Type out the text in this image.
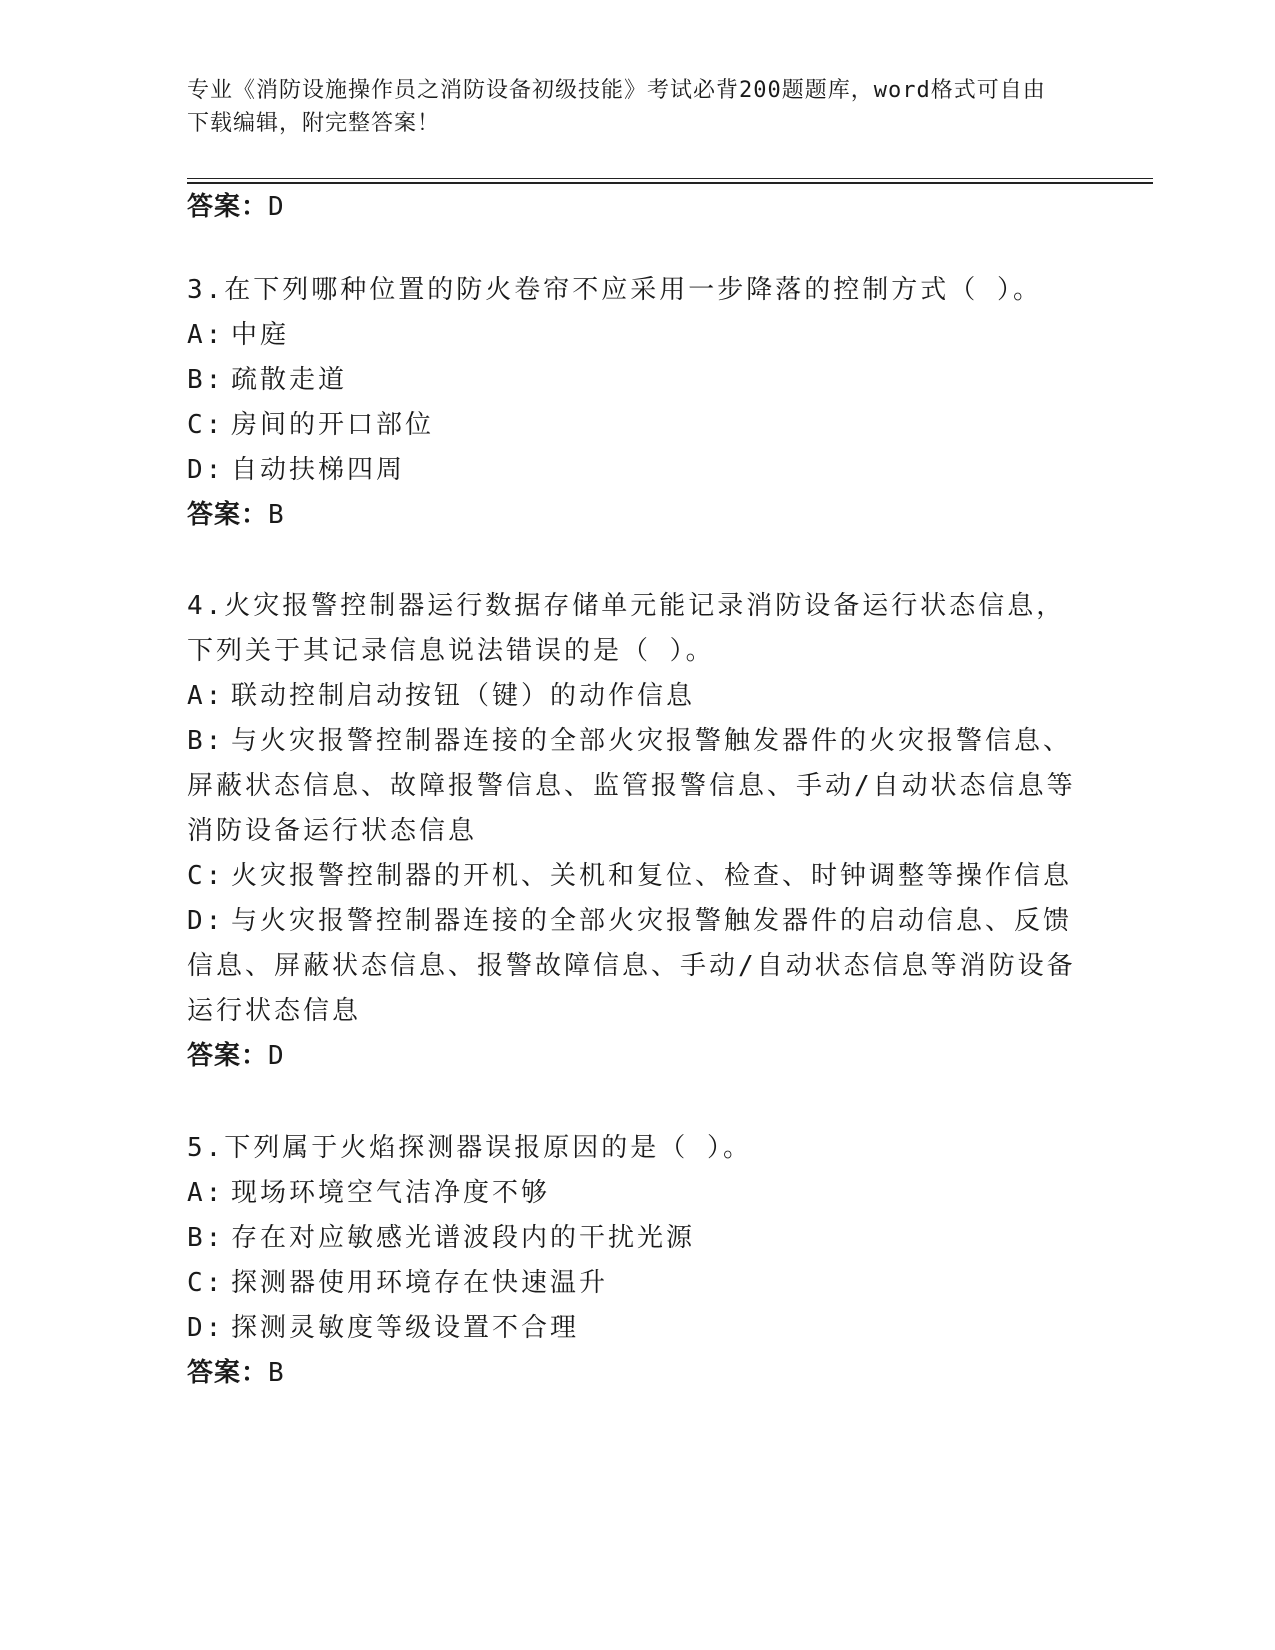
专业《消防设施操作员之消防设备初级技能》考试必背200题题库，word格式可自由下载编辑，附完整答案！
答案：D

3.在下列哪种位置的防火卷帘不应采用一步降落的控制方式（ ）。

A: 中庭

B: 疏散走道

C: 房间的开口部位

D: 自动扶梯四周

答案：B

4.火灾报警控制器运行数据存储单元能记录消防设备运行状态信息，下列关于其记录信息说法错误的是（ ）。

A: 联动控制启动按钮（键）的动作信息

B: 与火灾报警控制器连接的全部火灾报警触发器件的火灾报警信息、屏蔽状态信息、故障报警信息、监管报警信息、手动/自动状态信息等消防设备运行状态信息

C: 火灾报警控制器的开机、关机和复位、检查、时钟调整等操作信息

D: 与火灾报警控制器连接的全部火灾报警触发器件的启动信息、反馈信息、屏蔽状态信息、报警故障信息、手动/自动状态信息等消防设备运行状态信息

答案：D

5.下列属于火焰探测器误报原因的是（ ）。

A: 现场环境空气洁净度不够

B: 存在对应敏感光谱波段内的干扰光源

C: 探测器使用环境存在快速温升

D: 探测灵敏度等级设置不合理

答案：B
